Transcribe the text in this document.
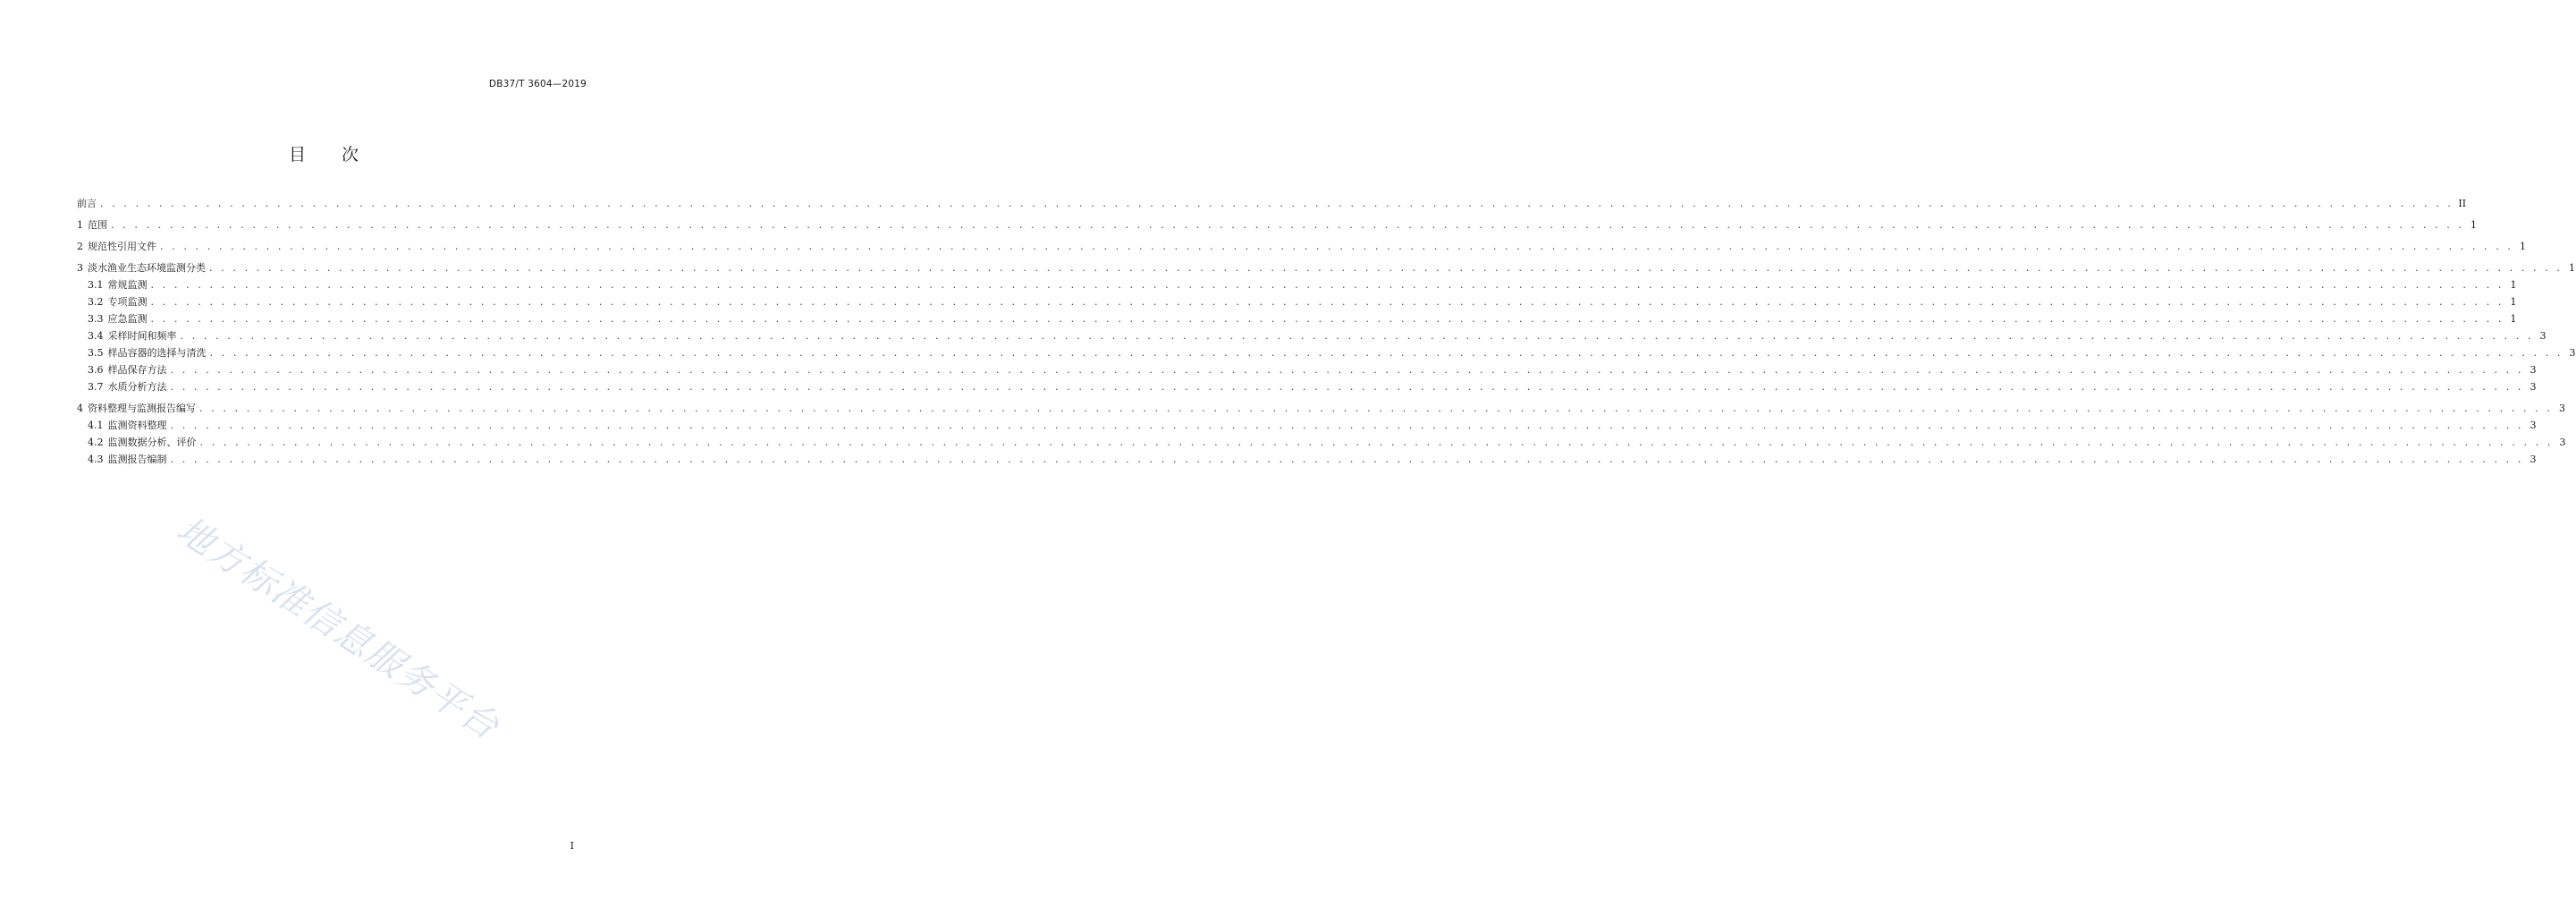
DB37/T 3604—2019
目 次
前言 . . . . . . . . . . . . . . . . . . . . . . . . . . . . . . . . . . . . . . . . . . . . . . . . . . . . . . . . . . . . . . . . . . . . . . . . . . . . . . . . . . . . . . . . . . . . . . . . . . . . . . . . . . . . . . . . . . . . . . . . . . . . . . . . . . . . . . . . . . . . . . . . . . . . . . . . . . . . . . . . . . . . . . . . . . . . . . . . . . . . . . . . . . . . . . . . . . . . . . . . II
1 范围 . . . . . . . . . . . . . . . . . . . . . . . . . . . . . . . . . . . . . . . . . . . . . . . . . . . . . . . . . . . . . . . . . . . . . . . . . . . . . . . . . . . . . . . . . . . . . . . . . . . . . . . . . . . . . . . . . . . . . . . . . . . . . . . . . . . . . . . . . . . . . . . . . . . . . . . . . . . . . . . . . . . . . . . . . . . . . . . . . . . . . . . . . . . . . . . . . . . . . . . . 1
2 规范性引用文件 . . . . . . . . . . . . . . . . . . . . . . . . . . . . . . . . . . . . . . . . . . . . . . . . . . . . . . . . . . . . . . . . . . . . . . . . . . . . . . . . . . . . . . . . . . . . . . . . . . . . . . . . . . . . . . . . . . . . . . . . . . . . . . . . . . . . . . . . . . . . . . . . . . . . . . . . . . . . . . . . . . . . . . . . . . . . . . . . . . . . . . . . . . . . . . . . . . . . . . . . 1
3 淡水渔业生态环境监测分类 . . . . . . . . . . . . . . . . . . . . . . . . . . . . . . . . . . . . . . . . . . . . . . . . . . . . . . . . . . . . . . . . . . . . . . . . . . . . . . . . . . . . . . . . . . . . . . . . . . . . . . . . . . . . . . . . . . . . . . . . . . . . . . . . . . . . . . . . . . . . . . . . . . . . . . . . . . . . . . . . . . . . . . . . . . . . . . . . . . . . . . . . . . . . . . . . . . . . . . . . 1
3.1 常规监测 . . . . . . . . . . . . . . . . . . . . . . . . . . . . . . . . . . . . . . . . . . . . . . . . . . . . . . . . . . . . . . . . . . . . . . . . . . . . . . . . . . . . . . . . . . . . . . . . . . . . . . . . . . . . . . . . . . . . . . . . . . . . . . . . . . . . . . . . . . . . . . . . . . . . . . . . . . . . . . . . . . . . . . . . . . . . . . . . . . . . . . . . . . . . . . . . . . . . . . . . 1
3.2 专项监测 . . . . . . . . . . . . . . . . . . . . . . . . . . . . . . . . . . . . . . . . . . . . . . . . . . . . . . . . . . . . . . . . . . . . . . . . . . . . . . . . . . . . . . . . . . . . . . . . . . . . . . . . . . . . . . . . . . . . . . . . . . . . . . . . . . . . . . . . . . . . . . . . . . . . . . . . . . . . . . . . . . . . . . . . . . . . . . . . . . . . . . . . . . . . . . . . . . . . . . . . 1
3.3 应急监测 . . . . . . . . . . . . . . . . . . . . . . . . . . . . . . . . . . . . . . . . . . . . . . . . . . . . . . . . . . . . . . . . . . . . . . . . . . . . . . . . . . . . . . . . . . . . . . . . . . . . . . . . . . . . . . . . . . . . . . . . . . . . . . . . . . . . . . . . . . . . . . . . . . . . . . . . . . . . . . . . . . . . . . . . . . . . . . . . . . . . . . . . . . . . . . . . . . . . . . . . 1
3.4 采样时间和频率 . . . . . . . . . . . . . . . . . . . . . . . . . . . . . . . . . . . . . . . . . . . . . . . . . . . . . . . . . . . . . . . . . . . . . . . . . . . . . . . . . . . . . . . . . . . . . . . . . . . . . . . . . . . . . . . . . . . . . . . . . . . . . . . . . . . . . . . . . . . . . . . . . . . . . . . . . . . . . . . . . . . . . . . . . . . . . . . . . . . . . . . . . . . . . . . . . . . . . . . . 3
3.5 样品容器的选择与清洗 . . . . . . . . . . . . . . . . . . . . . . . . . . . . . . . . . . . . . . . . . . . . . . . . . . . . . . . . . . . . . . . . . . . . . . . . . . . . . . . . . . . . . . . . . . . . . . . . . . . . . . . . . . . . . . . . . . . . . . . . . . . . . . . . . . . . . . . . . . . . . . . . . . . . . . . . . . . . . . . . . . . . . . . . . . . . . . . . . . . . . . . . . . . . . . . . . . . . . . . . 3
3.6 样品保存方法 . . . . . . . . . . . . . . . . . . . . . . . . . . . . . . . . . . . . . . . . . . . . . . . . . . . . . . . . . . . . . . . . . . . . . . . . . . . . . . . . . . . . . . . . . . . . . . . . . . . . . . . . . . . . . . . . . . . . . . . . . . . . . . . . . . . . . . . . . . . . . . . . . . . . . . . . . . . . . . . . . . . . . . . . . . . . . . . . . . . . . . . . . . . . . . . . . . . . . . . . 3
3.7 水质分析方法 . . . . . . . . . . . . . . . . . . . . . . . . . . . . . . . . . . . . . . . . . . . . . . . . . . . . . . . . . . . . . . . . . . . . . . . . . . . . . . . . . . . . . . . . . . . . . . . . . . . . . . . . . . . . . . . . . . . . . . . . . . . . . . . . . . . . . . . . . . . . . . . . . . . . . . . . . . . . . . . . . . . . . . . . . . . . . . . . . . . . . . . . . . . . . . . . . . . . . . . . 3
4 资料整理与监测报告编写 . . . . . . . . . . . . . . . . . . . . . . . . . . . . . . . . . . . . . . . . . . . . . . . . . . . . . . . . . . . . . . . . . . . . . . . . . . . . . . . . . . . . . . . . . . . . . . . . . . . . . . . . . . . . . . . . . . . . . . . . . . . . . . . . . . . . . . . . . . . . . . . . . . . . . . . . . . . . . . . . . . . . . . . . . . . . . . . . . . . . . . . . . . . . . . . . . . . . . . . . 3
4.1 监测资料整理 . . . . . . . . . . . . . . . . . . . . . . . . . . . . . . . . . . . . . . . . . . . . . . . . . . . . . . . . . . . . . . . . . . . . . . . . . . . . . . . . . . . . . . . . . . . . . . . . . . . . . . . . . . . . . . . . . . . . . . . . . . . . . . . . . . . . . . . . . . . . . . . . . . . . . . . . . . . . . . . . . . . . . . . . . . . . . . . . . . . . . . . . . . . . . . . . . . . . . . . . 3
4.2 监测数据分析、评价 . . . . . . . . . . . . . . . . . . . . . . . . . . . . . . . . . . . . . . . . . . . . . . . . . . . . . . . . . . . . . . . . . . . . . . . . . . . . . . . . . . . . . . . . . . . . . . . . . . . . . . . . . . . . . . . . . . . . . . . . . . . . . . . . . . . . . . . . . . . . . . . . . . . . . . . . . . . . . . . . . . . . . . . . . . . . . . . . . . . . . . . . . . . . . . . . . . . . . . . . 3
4.3 监测报告编制 . . . . . . . . . . . . . . . . . . . . . . . . . . . . . . . . . . . . . . . . . . . . . . . . . . . . . . . . . . . . . . . . . . . . . . . . . . . . . . . . . . . . . . . . . . . . . . . . . . . . . . . . . . . . . . . . . . . . . . . . . . . . . . . . . . . . . . . . . . . . . . . . . . . . . . . . . . . . . . . . . . . . . . . . . . . . . . . . . . . . . . . . . . . . . . . . . . . . . . . . 3
地方标准信息服务平台
I
